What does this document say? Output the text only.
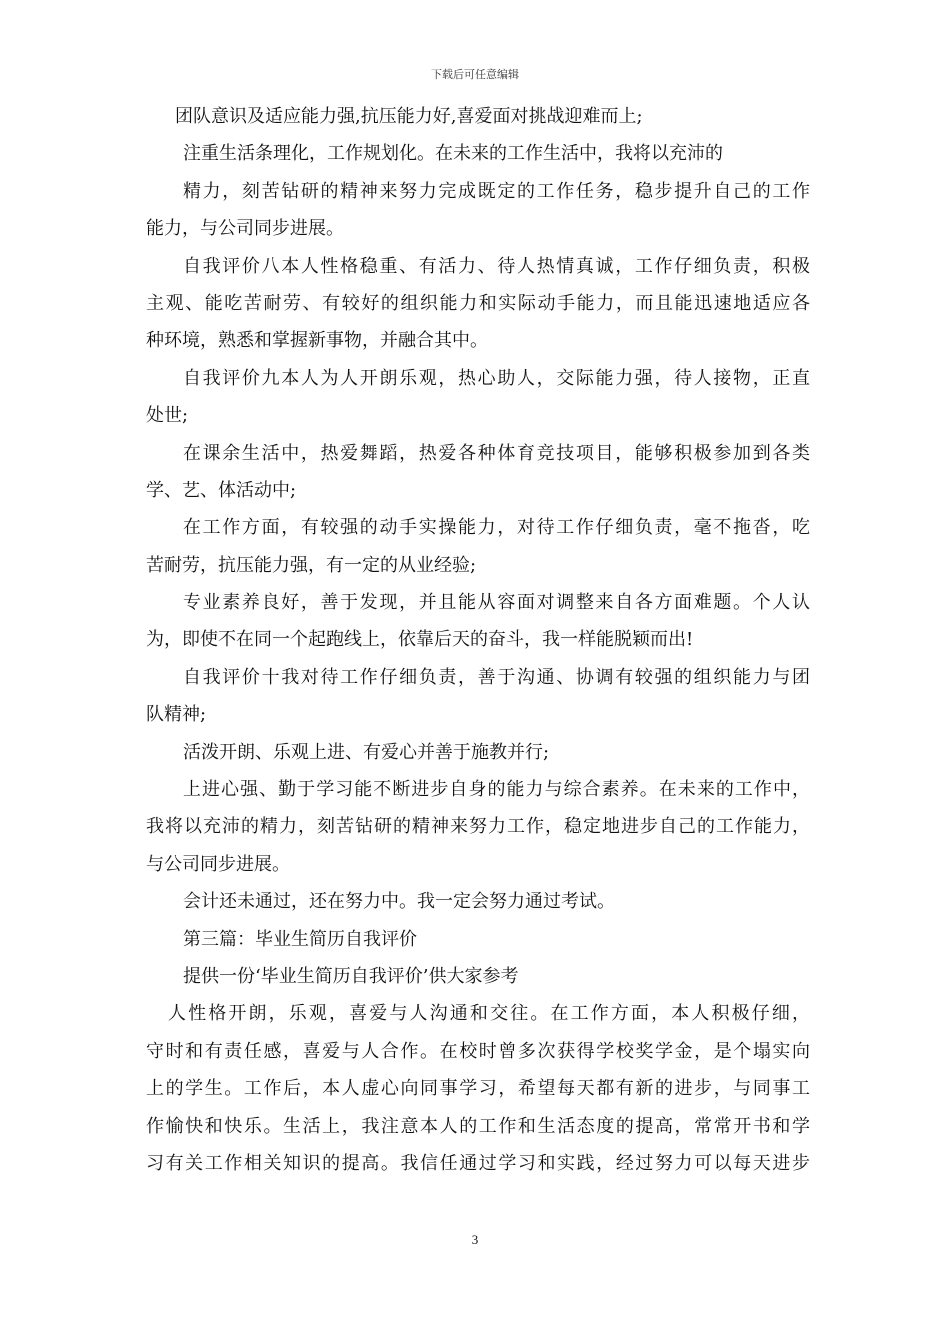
下载后可任意编辑
团队意识及适应能力强,抗压能力好,喜爱面对挑战迎难而上;
注重生活条理化，工作规划化。在未来的工作生活中，我将以充沛的
精力，刻苦钻研的精神来努力完成既定的工作任务，稳步提升自己的工作
能力，与公司同步进展。
自我评价八本人性格稳重、有活力、待人热情真诚，工作仔细负责，积极
主观、能吃苦耐劳、有较好的组织能力和实际动手能力，而且能迅速地适应各
种环境，熟悉和掌握新事物，并融合其中。
自我评价九本人为人开朗乐观，热心助人，交际能力强，待人接物，正直
处世;
在课余生活中，热爱舞蹈，热爱各种体育竞技项目，能够积极参加到各类
学、艺、体活动中;
在工作方面，有较强的动手实操能力，对待工作仔细负责，毫不拖沓，吃
苦耐劳，抗压能力强，有一定的从业经验;
专业素养良好，善于发现，并且能从容面对调整来自各方面难题。个人认
为，即使不在同一个起跑线上，依靠后天的奋斗，我一样能脱颖而出!
自我评价十我对待工作仔细负责，善于沟通、协调有较强的组织能力与团
队精神;
活泼开朗、乐观上进、有爱心并善于施教并行;
上进心强、勤于学习能不断进步自身的能力与综合素养。在未来的工作中，
我将以充沛的精力，刻苦钻研的精神来努力工作，稳定地进步自己的工作能力，
与公司同步进展。
会计还未通过，还在努力中。我一定会努力通过考试。
第三篇：毕业生简历自我评价
提供一份‘毕业生简历自我评价’供大家参考
人性格开朗，乐观，喜爱与人沟通和交往。在工作方面，本人积极仔细，
守时和有责任感，喜爱与人合作。在校时曾多次获得学校奖学金，是个塌实向
上的学生。工作后，本人虚心向同事学习，希望每天都有新的进步，与同事工
作愉快和快乐。生活上，我注意本人的工作和生活态度的提高，常常开书和学
习有关工作相关知识的提高。我信任通过学习和实践，经过努力可以每天进步
3
